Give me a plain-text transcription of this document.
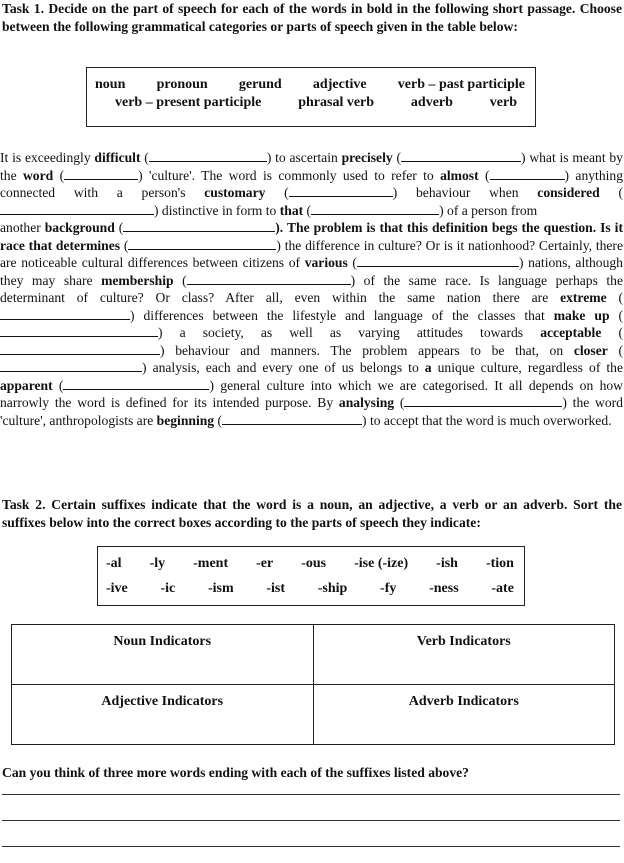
Task 1. Decide on the part of speech for each of the words in bold in the following short passage. Choose between the following grammatical categories or parts of speech given in the table below:

noun pronoun gerund adjective verb – past participle
verb – present participle	phrasal verb	adverb	verb

It is exceedingly difficult (	) to ascertain precisely (	) what is meant by the word (	) 'culture'. The word is commonly used to refer to almost (	) anything connected with a person's customary (	) behaviour when considered () distinctive in form to that (	) of a person from
another background (	). The problem is that this definition begs the question. Is it race that determines (	) the difference in culture? Or is it nationhood? Certainly, there are noticeable cultural differences between citizens of various (	) nations, although they may share membership (	) of the same race. Is language perhaps the determinant of culture? Or class? After all, even within the same nation there are extreme () differences between the lifestyle and language of the classes that make up () a society, as well as varying attitudes towards acceptable () behaviour and manners. The problem appears to be that, on closer () analysis, each and every one of us belongs to a unique culture, regardless of the apparent (	) general culture into which we are categorised. It all depends on how narrowly the word is defined for its intended purpose. By analysing (	) the word 'culture', anthropologists are beginning (	) to accept that the word is much overworked.

Task 2. Certain suffixes indicate that the word is a noun, an adjective, a verb or an adverb. Sort the suffixes below into the correct boxes according to the parts of speech they indicate:

-al -ly -ment -er -ous -ise (-ize) -ish -tion
-ive -ic -ism -ist -ship -fy -ness -ate
Noun Indicators	Verb Indicators
Adjective Indicators	Adverb Indicators

Can you think of three more words ending with each of the suffixes listed above?
